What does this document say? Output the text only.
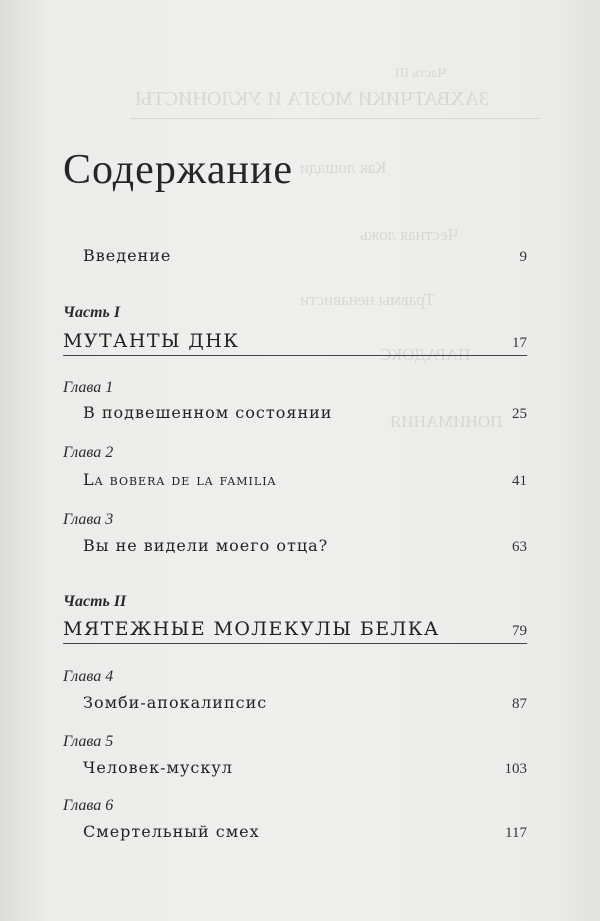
Часть III
ЗАХВАТЧИКИ МОЗГА И УКЛОНИСТЫ
Как лошади
Честная ложь
Травмы ненависти
ПАРАДОКС
ПОНИМАНИЯ
Содержание
Введение	9
Часть I
МУТАНТЫ ДНК	17
Глава 1
В подвешенном состоянии	25
Глава 2
La bobera de la familia	41
Глава 3
Вы не видели моего отца?	63
Часть II
МЯТЕЖНЫЕ МОЛЕКУЛЫ БЕЛКА	79
Глава 4
Зомби-апокалипсис	87
Глава 5
Человек-мускул	103
Глава 6
Смертельный смех	117
